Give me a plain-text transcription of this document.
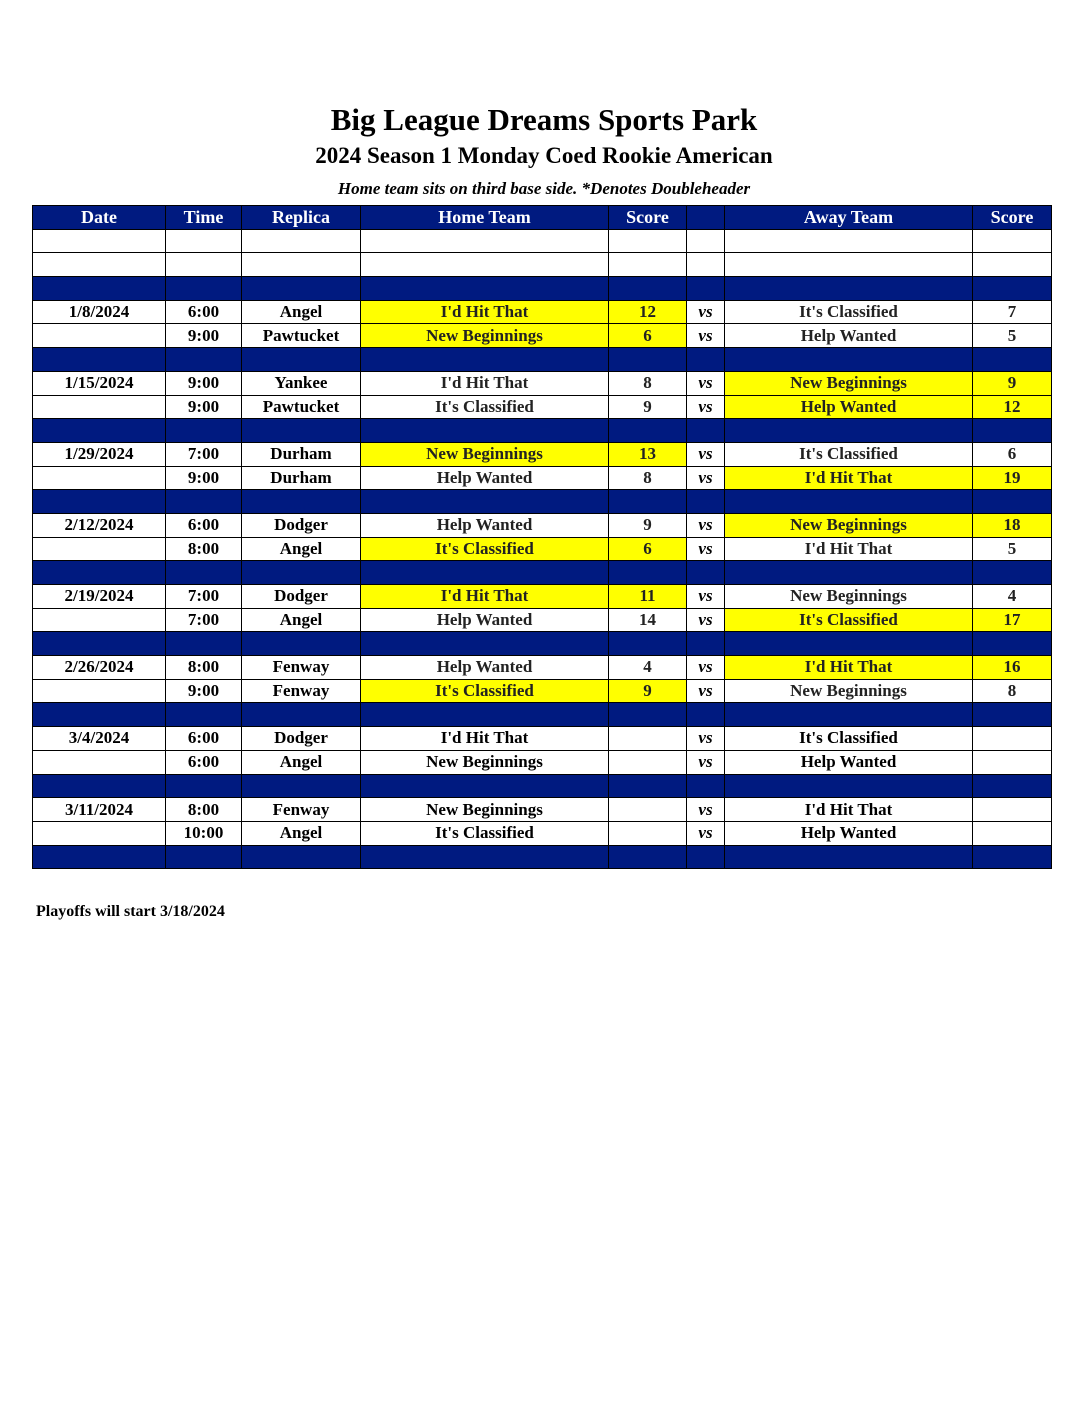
Big League Dreams Sports Park
2024 Season 1 Monday Coed Rookie American
Home team sits on third base side. *Denotes Doubleheader
Date	Time	Replica	Home Team	Score		Away Team	Score

1/8/2024	6:00	Angel	I'd Hit That	12	vs	It's Classified	7
	9:00	Pawtucket	New Beginnings	6	vs	Help Wanted	5

1/15/2024	9:00	Yankee	I'd Hit That	8	vs	New Beginnings	9
	9:00	Pawtucket	It's Classified	9	vs	Help Wanted	12

1/29/2024	7:00	Durham	New Beginnings	13	vs	It's Classified	6
	9:00	Durham	Help Wanted	8	vs	I'd Hit That	19

2/12/2024	6:00	Dodger	Help Wanted	9	vs	New Beginnings	18
	8:00	Angel	It's Classified	6	vs	I'd Hit That	5

2/19/2024	7:00	Dodger	I'd Hit That	11	vs	New Beginnings	4
	7:00	Angel	Help Wanted	14	vs	It's Classified	17

2/26/2024	8:00	Fenway	Help Wanted	4	vs	I'd Hit That	16
	9:00	Fenway	It's Classified	9	vs	New Beginnings	8

3/4/2024	6:00	Dodger	I'd Hit That		vs	It's Classified	
	6:00	Angel	New Beginnings		vs	Help Wanted	

3/11/2024	8:00	Fenway	New Beginnings		vs	I'd Hit That	
	10:00	Angel	It's Classified		vs	Help Wanted	

Playoffs will start 3/18/2024
